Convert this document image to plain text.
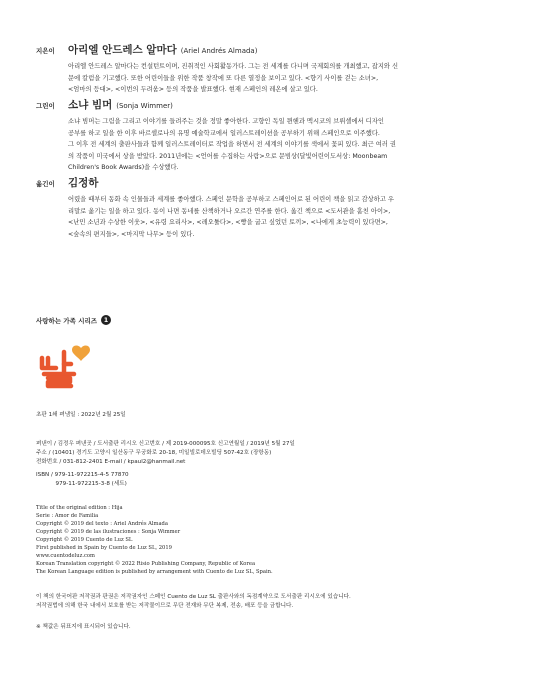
지은이	아리엘 안드레스 알마다 (Ariel Andrés Almada)

아리엘 안드레스 알마다는 컨설턴트이며, 진취적인 사회활동가다. 그는 전 세계를 다니며 국제회의를 개최했고, 잡지와 신

문에 칼럼을 기고했다. 또한 어린이들을 위한 작품 창작에 또 다른 열정을 보이고 있다. <향기 사이를 걷는 소녀>,

<엄마의 등대>, <이번의 두려움> 등의 작품을 발표했다. 현재 스페인의 레온에 살고 있다.

그린이	소냐 빔머 (Sonja Wimmer)

소냐 빔머는 그림을 그리고 이야기를 들려주는 것을 정말 좋아한다. 고향인 독일 뮌헨과 멕시코의 브뤼셀에서 디자인

공부를 하고 일을 한 이후 바르셀로나의 유명 예술학교에서 일러스트레이션을 공부하기 위해 스페인으로 이주했다.

그 이후 전 세계의 출판사들과 함께 일러스트레이터로 작업을 하면서 전 세계의 이야기를 색에서 꽃피 있다. 최근 여러 권

의 작품이 미국에서 상을 받았다. 2011년에는 <언어를 수집하는 사람>으로 문빔상(달빛어린이도서상: Moonbeam

Children's Book Awards)을 수상했다.

옮긴이	김정하

어렸을 때부터 동화 속 인물들과 세계를 좋아했다. 스페인 문학을 공부하고 스페인어로 된 어린이 책을 읽고 감상하고 우

리말로 옮기는 일을 하고 있다. 동이 나면 동네를 산책하거나 오르간 연주를 한다. 옮긴 책으로 <도서관을 훔친 아이>,

<난민 소년과 수상한 이웃>, <유령 요리사>, <레오툴다>, <빵을 굽고 싶었던 토끼>, <나에게 초능력이 있다면>,

<숲속의 편지들>, <마지막 나무> 등이 있다.

사랑하는 가족 시리즈	1

초판 1쇄 펴냄일 : 2022년 2월 25일

펴낸이 / 김정우 펴낸곳 / 도서출판 리시오 신고번호 / 제 2019-000095호 신고연월일 / 2019년 5월 27일

주소 / (10401) 경기도 고양시 일산동구 무궁화로 20-18, 미일빌로데오빌딩 507-42호 (장항동)

전화번호 / 031-812-2401 E-mail / kpaul2@hanmail.net

ISBN / 979-11-972215-4-5 77870

979-11-972215-3-8 (세트)

Title of the original edition : Hija

Serie : Amor de Familia

Copyright © 2019 del texto : Ariel Andrés Almada

Copyright © 2019 de las ilustraciones : Sonja Wimmer

Copyright © 2019 Cuento de Luz SL

First published in Spain by Cuento de Luz SL, 2019

www.cuentodeluz.com

Korean Translation copyright © 2022 Risio Publishing Company, Republic of Korea

The Korean Language edition is published by arrangement with Cuento de Luz SL, Spain.

이 책의 한국어판 저작권과 판권은 저작권자인 스페인 Cuento de Luz SL 출판사와의 독점계약으로 도서출판 리시오에 있습니다.

저작권법에 의해 한국 내에서 보호를 받는 저작물이므로 무단 전재와 무단 복제, 전송, 배포 등을 금합니다.

※ 책값은 뒤표지에 표시되어 있습니다.
